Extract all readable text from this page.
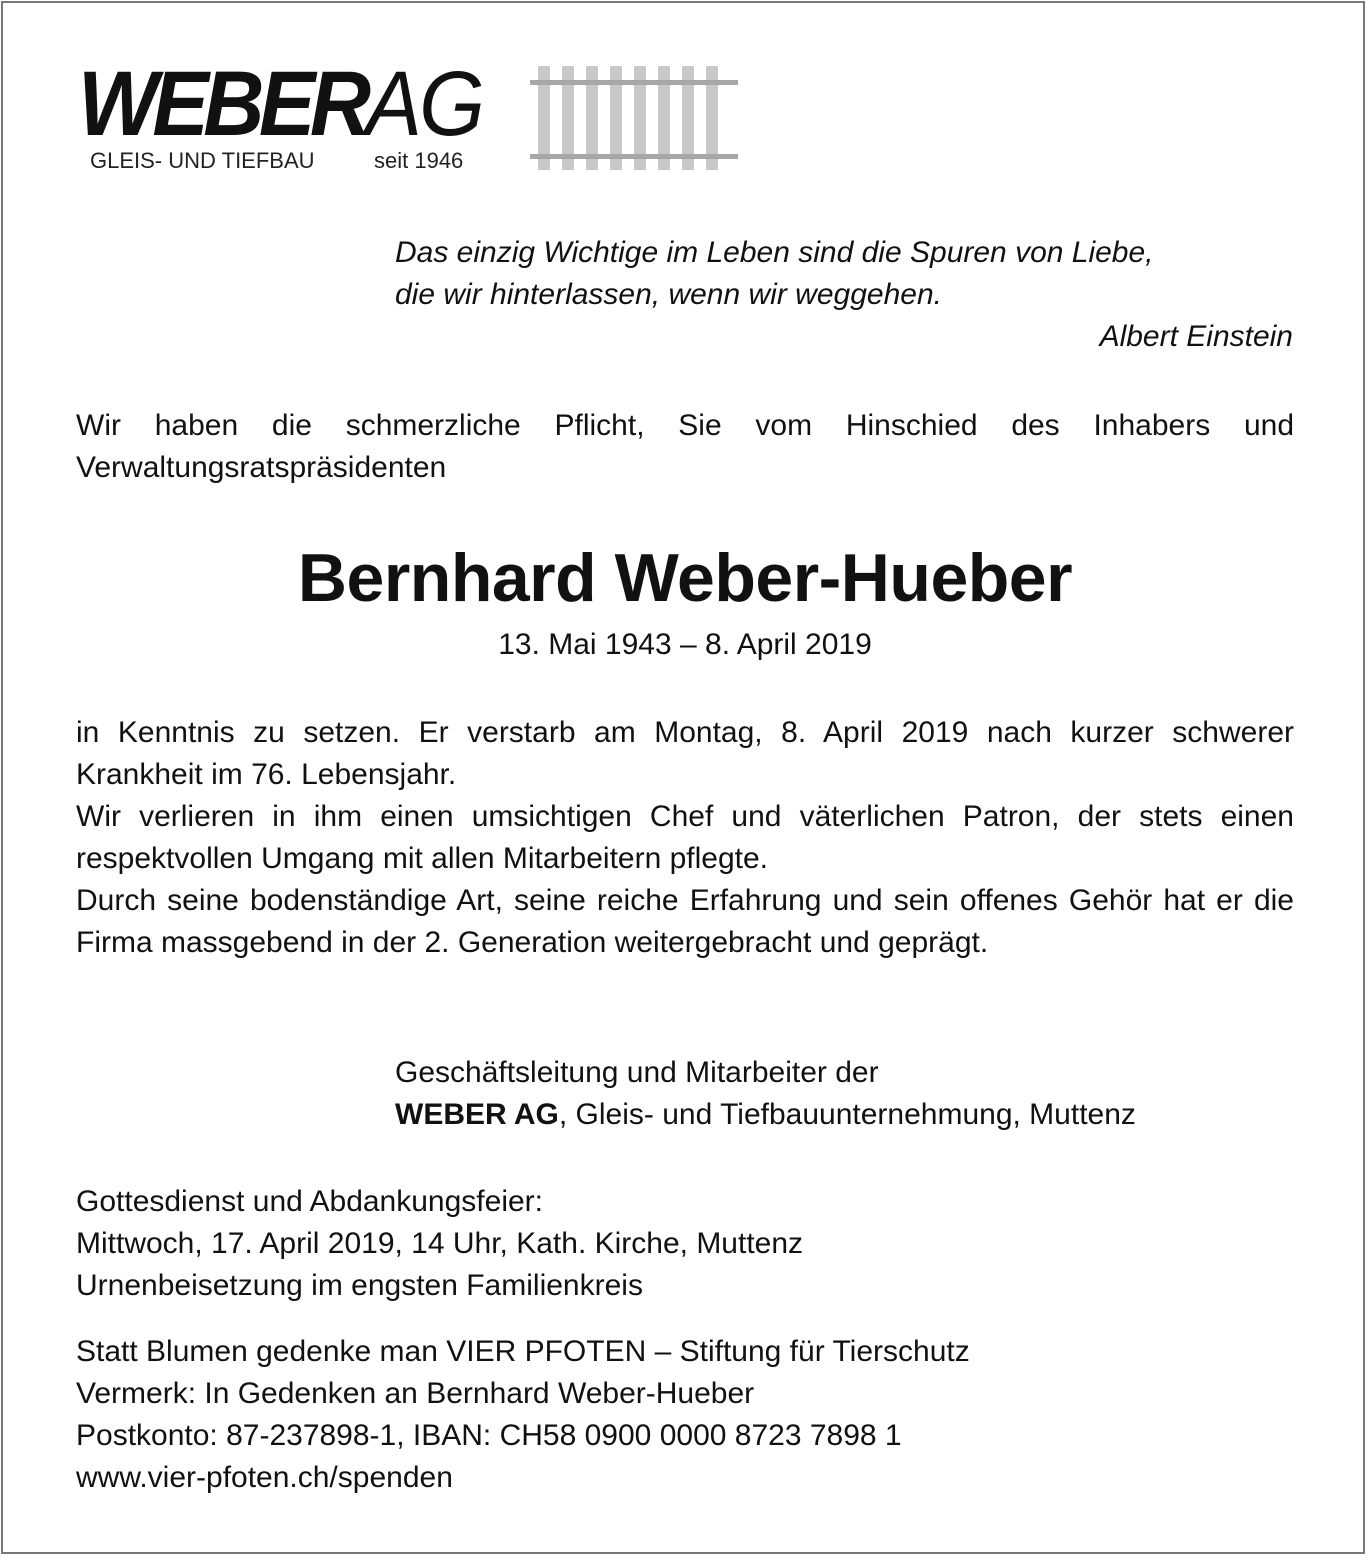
WEBERAG
GLEIS- UND TIEFBAU	seit 1946
Das einzig Wichtige im Leben sind die Spuren von Liebe,
die wir hinterlassen, wenn wir weggehen.
Albert Einstein

Wir haben die schmerzliche Pflicht, Sie vom Hinschied des Inhabers und Verwaltungsratspräsidenten

Bernhard Weber-Hueber
13. Mai 1943 – 8. April 2019

in Kenntnis zu setzen. Er verstarb am Montag, 8. April 2019 nach kurzer schwerer Krankheit im 76. Lebensjahr.

Wir verlieren in ihm einen umsichtigen Chef und väterlichen Patron, der stets einen respektvollen Umgang mit allen Mitarbeitern pflegte.

Durch seine bodenständige Art, seine reiche Erfahrung und sein offenes Gehör hat er die Firma massgebend in der 2. Generation weitergebracht und geprägt.

Geschäftsleitung und Mitarbeiter der
WEBER AG, Gleis- und Tiefbauunternehmung, Muttenz
Gottesdienst und Abdankungsfeier:
Mittwoch, 17. April 2019, 14 Uhr, Kath. Kirche, Muttenz
Urnenbeisetzung im engsten Familienkreis
Statt Blumen gedenke man VIER PFOTEN – Stiftung für Tierschutz
Vermerk: In Gedenken an Bernhard Weber-Hueber
Postkonto: 87-237898-1, IBAN: CH58 0900 0000 8723 7898 1
www.vier-pfoten.ch/spenden
